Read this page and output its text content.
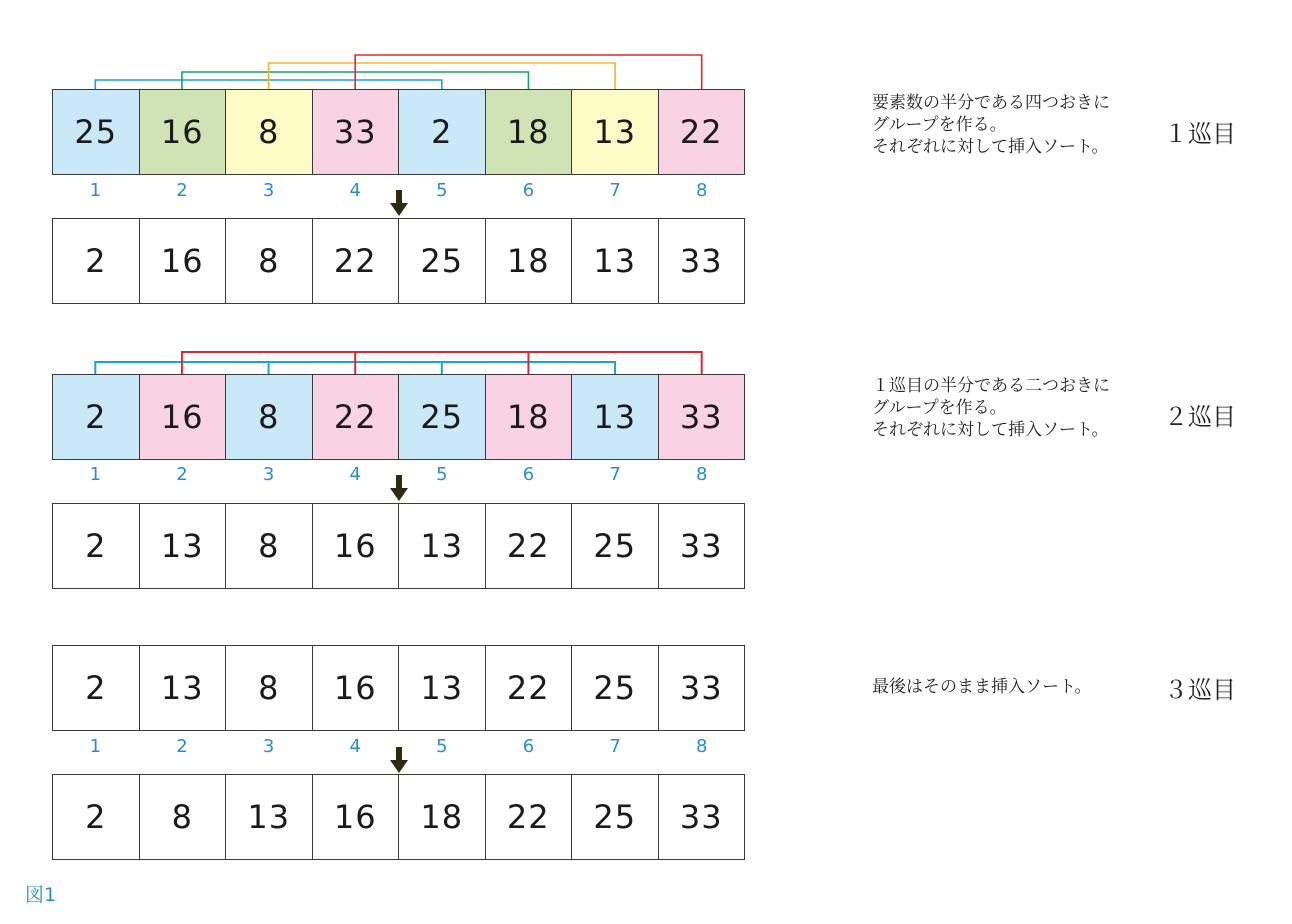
25	16	8	33	2	18	13	22
1	2	3	4	5	6	7	8
2	16	8	22	25	18	13	33
要素数の半分である四つおきに
グループを作る。
それぞれに対して挿入ソート。 １巡目
2	16	8	22	25	18	13	33
1	2	3	4	5	6	7	8
2	13	8	16	13	22	25	33
１巡目の半分である二つおきに
グループを作る。
それぞれに対して挿入ソート。 ２巡目
2	13	8	16	13	22	25	33
1	2	3	4	5	6	7	8
2	8	13	16	18	22	25	33
最後はそのまま挿入ソート。	３巡目
図1
